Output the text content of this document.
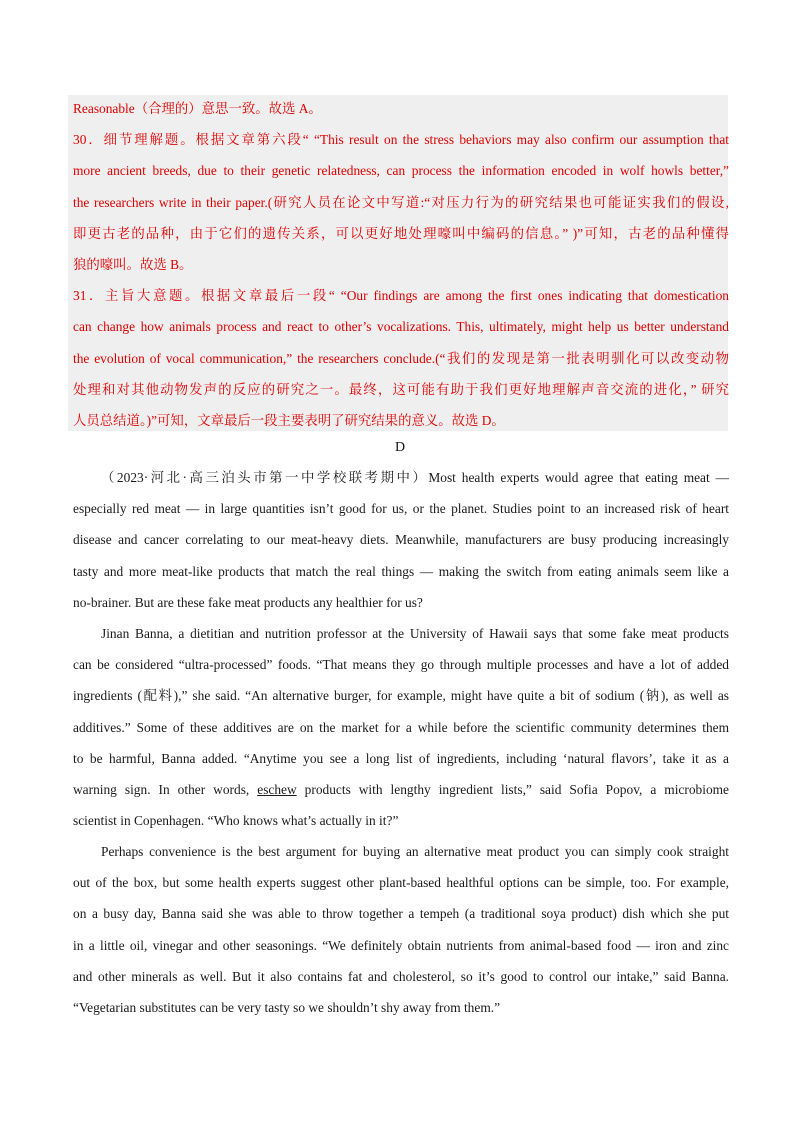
Reasonable（合理的）意思一致。故选 A。
30．细节理解题。根据文章第六段“ “This result on the stress behaviors may also confirm our assumption that
more ancient breeds, due to their genetic relatedness, can process the information encoded in wolf howls better,”
the researchers write in their paper.(研究人员在论文中写道:“对压力行为的研究结果也可能证实我们的假设,
即更古老的品种，由于它们的遗传关系，可以更好地处理嚎叫中编码的信息。” )”可知，古老的品种懂得
狼的嚎叫。故选 B。
31．主旨大意题。根据文章最后一段“ “Our findings are among the first ones indicating that domestication
can change how animals process and react to other’s vocalizations. This, ultimately, might help us better understand
the evolution of vocal communication,” the researchers conclude.(“我们的发现是第一批表明驯化可以改变动物
处理和对其他动物发声的反应的研究之一。最终，这可能有助于我们更好地理解声音交流的进化，” 研究
人员总结道。)”可知，文章最后一段主要表明了研究结果的意义。故选 D。
D
（2023·河北·高三泊头市第一中学校联考期中）Most health experts would agree that eating meat —
especially red meat — in large quantities isn’t good for us, or the planet. Studies point to an increased risk of heart
disease and cancer correlating to our meat-heavy diets. Meanwhile, manufacturers are busy producing increasingly
tasty and more meat-like products that match the real things — making the switch from eating animals seem like a
no-brainer. But are these fake meat products any healthier for us?
Jinan Banna, a dietitian and nutrition professor at the University of Hawaii says that some fake meat products
can be considered “ultra-processed” foods. “That means they go through multiple processes and have a lot of added
ingredients (配料),” she said. “An alternative burger, for example, might have quite a bit of sodium (钠), as well as
additives.” Some of these additives are on the market for a while before the scientific community determines them
to be harmful, Banna added. “Anytime you see a long list of ingredients, including ‘natural flavors’, take it as a
warning sign. In other words, eschew products with lengthy ingredient lists,” said Sofia Popov, a microbiome
scientist in Copenhagen. “Who knows what’s actually in it?”
Perhaps convenience is the best argument for buying an alternative meat product you can simply cook straight
out of the box, but some health experts suggest other plant-based healthful options can be simple, too. For example,
on a busy day, Banna said she was able to throw together a tempeh (a traditional soya product) dish which she put
in a little oil, vinegar and other seasonings. “We definitely obtain nutrients from animal-based food — iron and zinc
and other minerals as well. But it also contains fat and cholesterol, so it’s good to control our intake,” said Banna.
“Vegetarian substitutes can be very tasty so we shouldn’t shy away from them.”
